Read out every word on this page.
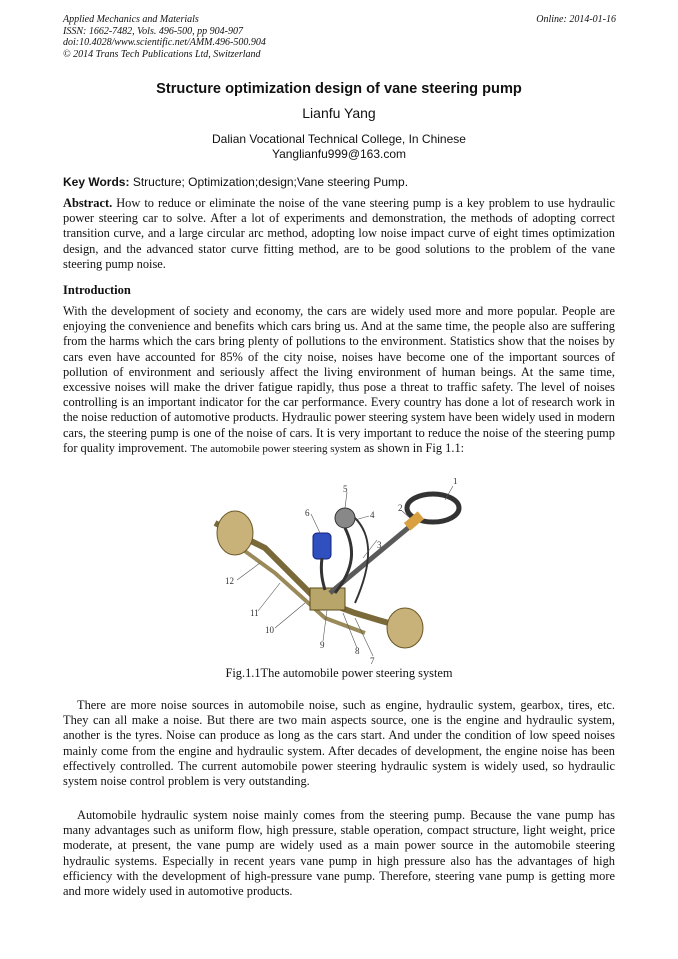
Applied Mechanics and Materials
ISSN: 1662-7482, Vols. 496-500, pp 904-907
doi:10.4028/www.scientific.net/AMM.496-500.904
© 2014 Trans Tech Publications Ltd, Switzerland
Online: 2014-01-16
Structure optimization design of vane steering pump
Lianfu Yang
Dalian Vocational Technical College, In Chinese
Yanglianfu999@163.com
Key Words: Structure; Optimization;design;Vane steering Pump.
Abstract. How to reduce or eliminate the noise of the vane steering pump is a key problem to use hydraulic power steering car to solve. After a lot of experiments and demonstration, the methods of adopting correct transition curve, and a large circular arc method, adopting low noise impact curve of eight times optimization design, and the advanced stator curve fitting method, are to be good solutions to the problem of the vane steering pump noise.
Introduction
With the development of society and economy, the cars are widely used more and more popular. People are enjoying the convenience and benefits which cars bring us. And at the same time, the people also are suffering from the harms which the cars bring plenty of pollutions to the environment. Statistics show that the noises by cars even have accounted for 85% of the city noise, noises have become one of the important sources of pollution of environment and seriously affect the living environment of human beings. At the same time, excessive noises will make the driver fatigue rapidly, thus pose a threat to traffic safety. The level of noises controlling is an important indicator for the car performance. Every country has done a lot of research work in the noise reduction of automotive products. Hydraulic power steering system have been widely used in modern cars, the steering pump is one of the noise of cars. It is very important to reduce the noise of the steering pump for quality improvement. The automobile power steering system as shown in Fig 1.1:
1
2
3
4
5
6
7
8
9
10
11
12
Fig.1.1The automobile power steering system
There are more noise sources in automobile noise, such as engine, hydraulic system, gearbox, tires, etc. They can all make a noise. But there are two main aspects source, one is the engine and hydraulic system, another is the tyres. Noise can produce as long as the cars start. And under the condition of low speed noises mainly come from the engine and hydraulic system. After decades of development, the engine noise has been effectively controlled. The current automobile power steering hydraulic system is widely used, so hydraulic system noise control problem is very outstanding.
Automobile hydraulic system noise mainly comes from the steering pump. Because the vane pump has many advantages such as uniform flow, high pressure, stable operation, compact structure, light weight, price moderate, at present, the vane pump are widely used as a main power source in the automobile steering hydraulic systems. Especially in recent years vane pump in high pressure also has the advantages of high efficiency with the development of high-pressure vane pump. Therefore, steering vane pump is getting more and more widely used in automotive products.
